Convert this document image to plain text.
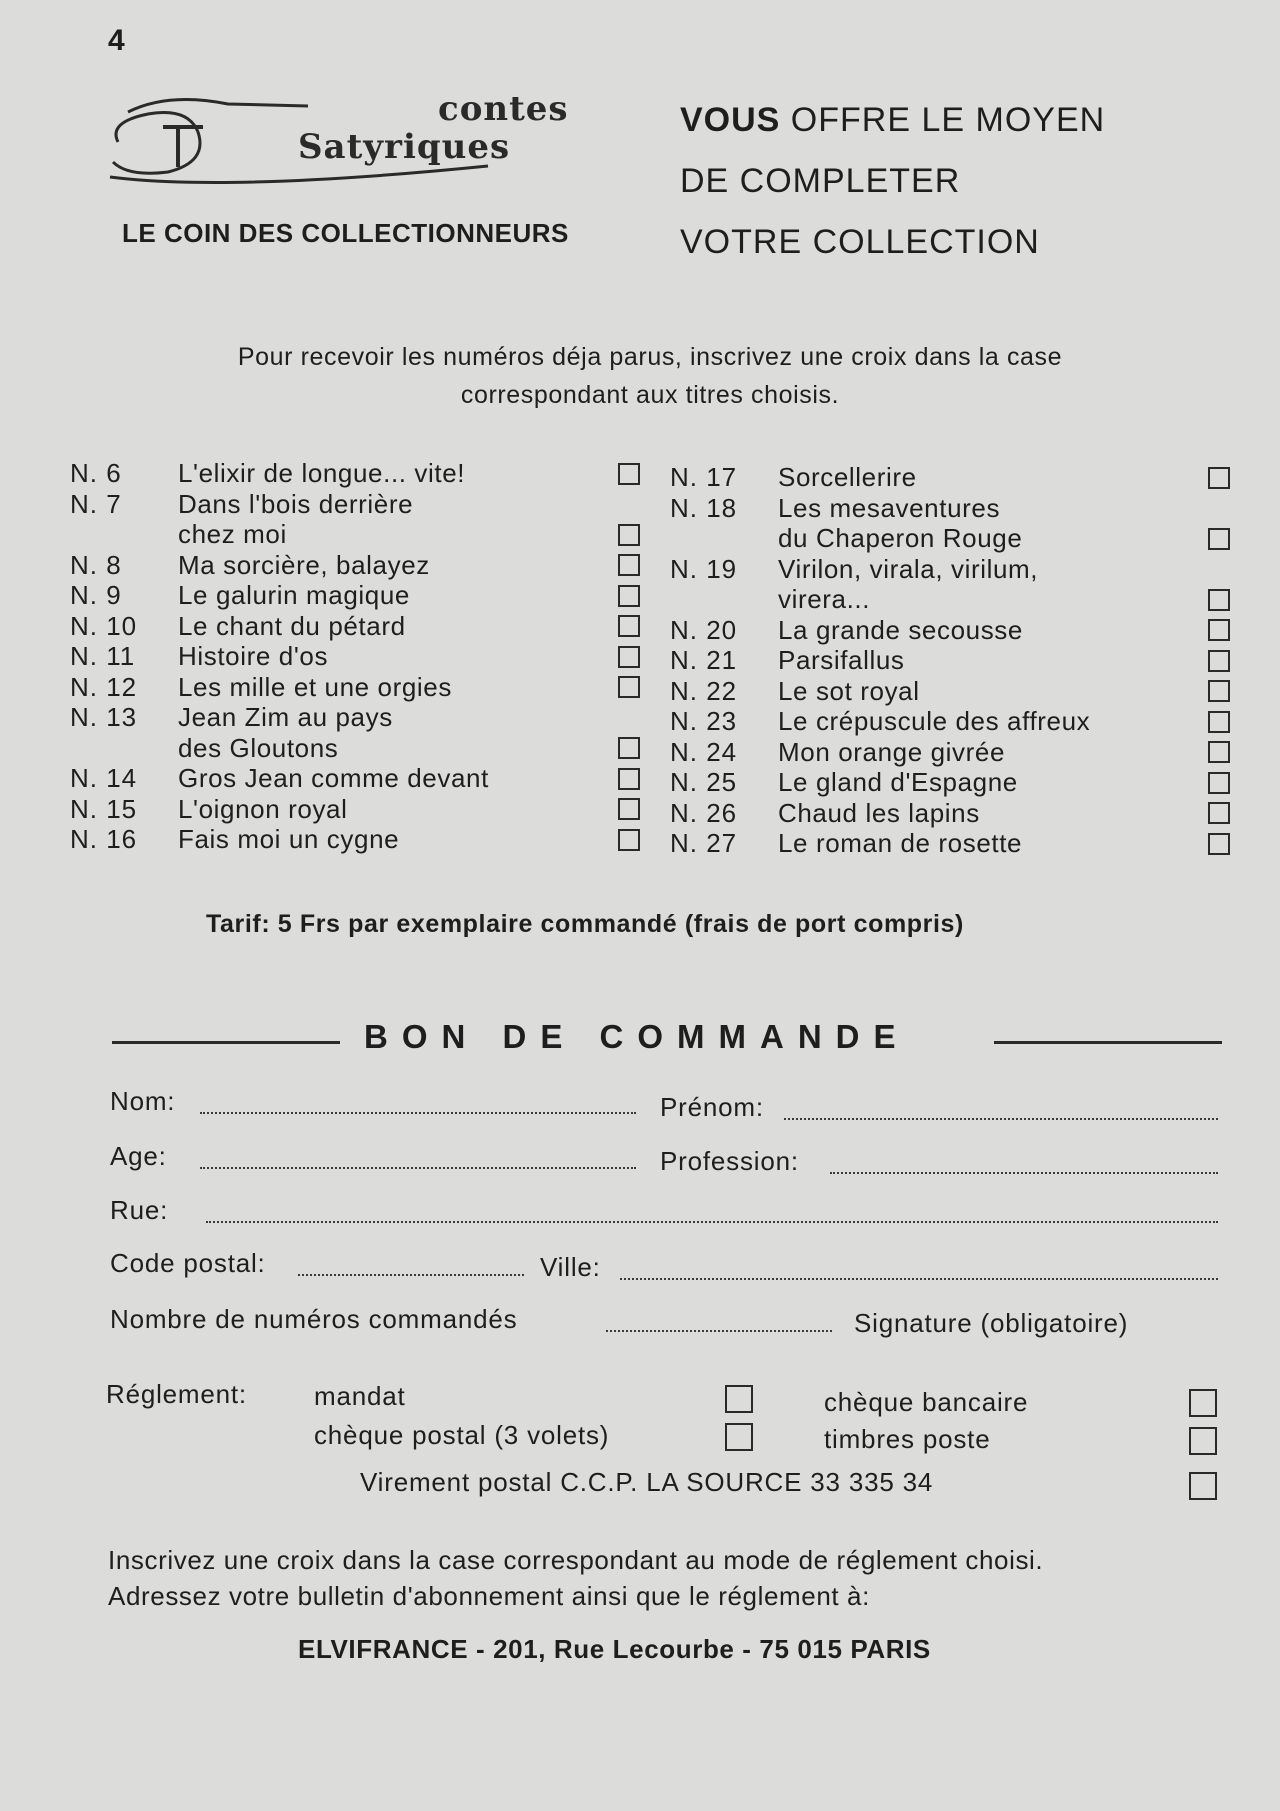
4
contes
Satyriques
LE COIN DES COLLECTIONNEURS
VOUS OFFRE LE MOYEN
DE COMPLETER
VOTRE COLLECTION
Pour recevoir les numéros déja parus, inscrivez une croix dans la case
correspondant aux titres choisis.
N. 6	L'elixir de longue... vite!
N. 7	Dans l'bois derrière
chez moi
N. 8	Ma sorcière, balayez
N. 9	Le galurin magique
N. 10	Le chant du pétard
N. 11	Histoire d'os
N. 12	Les mille et une orgies
N. 13	Jean Zim au pays
des Gloutons
N. 14	Gros Jean comme devant
N. 15	L'oignon royal
N. 16	Fais moi un cygne
N. 17	Sorcellerire
N. 18	Les mesaventures
du Chaperon Rouge
N. 19	Virilon, virala, virilum,
virera...
N. 20	La grande secousse
N. 21	Parsifallus
N. 22	Le sot royal
N. 23	Le crépuscule des affreux
N. 24	Mon orange givrée
N. 25	Le gland d'Espagne
N. 26	Chaud les lapins
N. 27	Le roman de rosette
Tarif: 5 Frs par exemplaire commandé (frais de port compris)
BON DE COMMANDE
Nom:	Prénom:
Age:	Profession:
Rue:
Code postal:	Ville:
Nombre de numéros commandés	Signature (obligatoire)
Réglement:	mandat	chèque bancaire
chèque postal (3 volets)	timbres poste
Virement postal C.C.P. LA SOURCE 33 335 34
Inscrivez une croix dans la case correspondant au mode de réglement choisi.
Adressez votre bulletin d'abonnement ainsi que le réglement à:
ELVIFRANCE - 201, Rue Lecourbe - 75 015 PARIS
